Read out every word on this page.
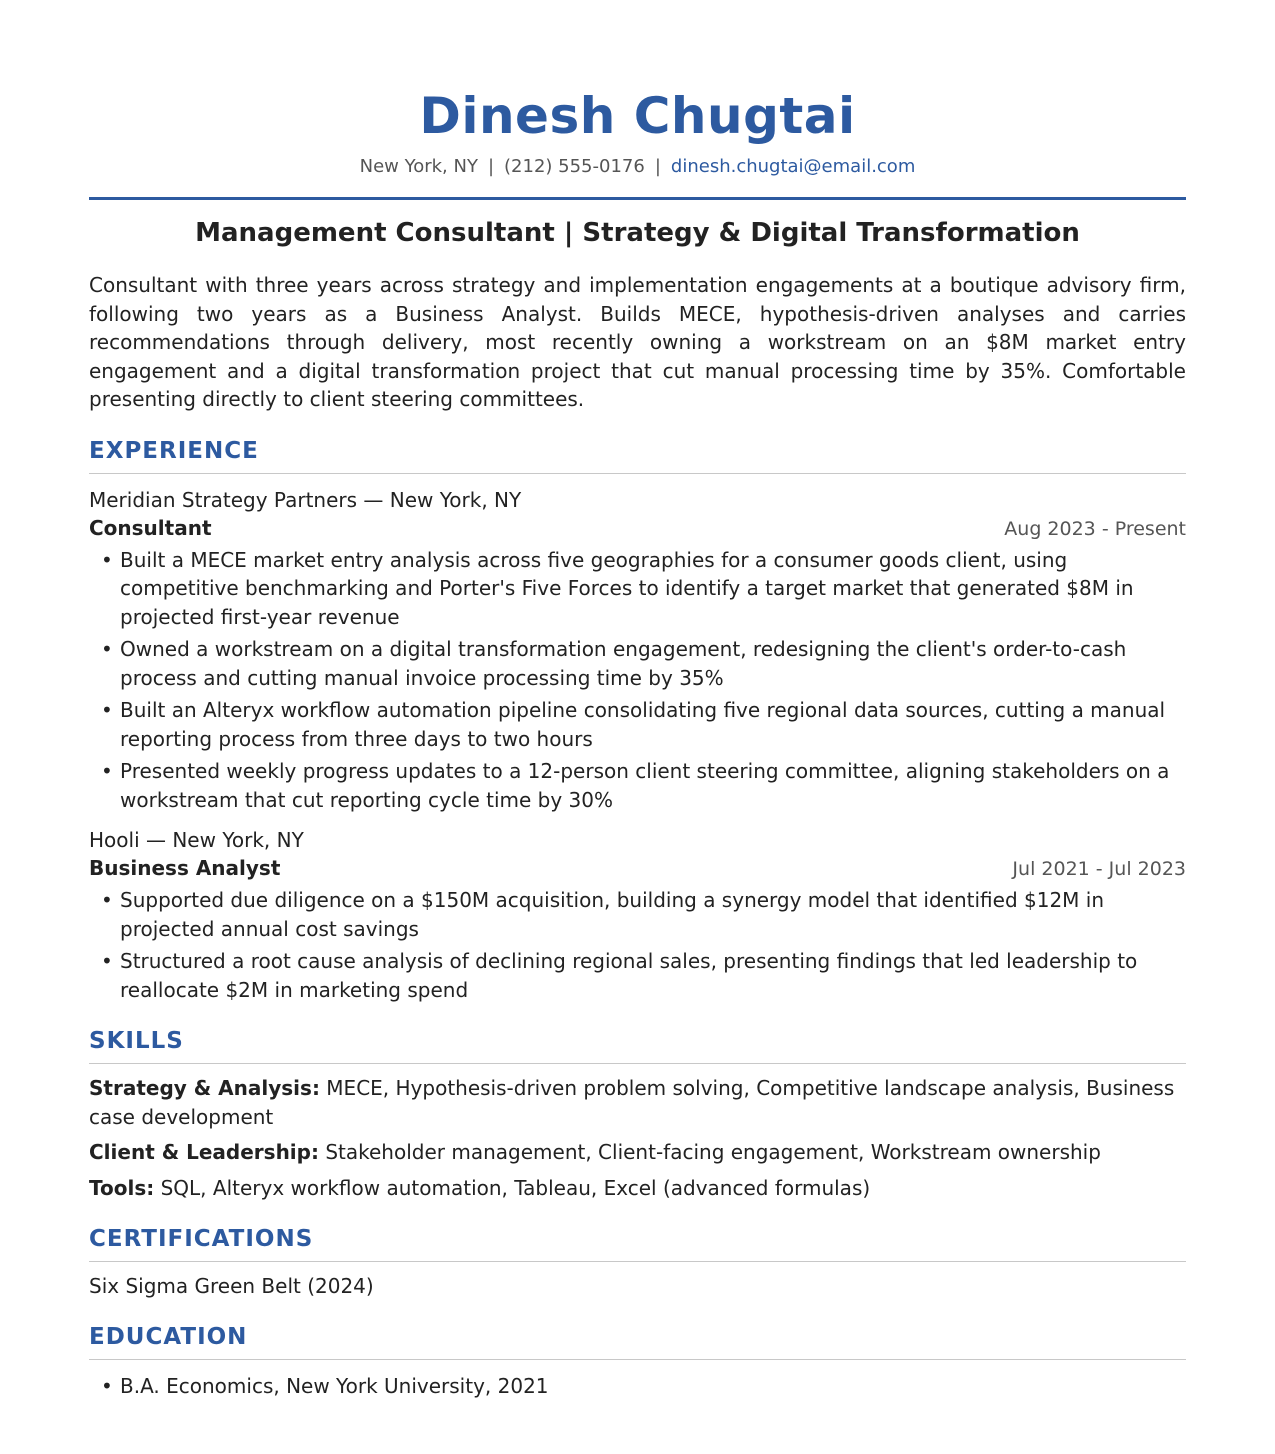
Dinesh Chugtai
New York, NY | (212) 555-0176 | dinesh.chugtai@email.com
Management Consultant | Strategy & Digital Transformation
Consultant with three years across strategy and implementation engagements at a boutique advisory firm, following two years as a Business Analyst. Builds MECE, hypothesis-driven analyses and carries recommendations through delivery, most recently owning a workstream on an $8M market entry engagement and a digital transformation project that cut manual processing time by 35%. Comfortable presenting directly to client steering committees.
EXPERIENCE
Meridian Strategy Partners — New York, NY
Consultant	Aug 2023 - Present
• Built a MECE market entry analysis across five geographies for a consumer goods client, using competitive benchmarking and Porter's Five Forces to identify a target market that generated $8M in projected first-year revenue
• Owned a workstream on a digital transformation engagement, redesigning the client's order-to-cash process and cutting manual invoice processing time by 35%
• Built an Alteryx workflow automation pipeline consolidating five regional data sources, cutting a manual reporting process from three days to two hours
• Presented weekly progress updates to a 12-person client steering committee, aligning stakeholders on a workstream that cut reporting cycle time by 30%
Hooli — New York, NY
Business Analyst	Jul 2021 - Jul 2023
• Supported due diligence on a $150M acquisition, building a synergy model that identified $12M in projected annual cost savings
• Structured a root cause analysis of declining regional sales, presenting findings that led leadership to reallocate $2M in marketing spend
SKILLS
Strategy & Analysis: MECE, Hypothesis-driven problem solving, Competitive landscape analysis, Business case development
Client & Leadership: Stakeholder management, Client-facing engagement, Workstream ownership
Tools: SQL, Alteryx workflow automation, Tableau, Excel (advanced formulas)
CERTIFICATIONS
Six Sigma Green Belt (2024)
EDUCATION
• B.A. Economics, New York University, 2021
